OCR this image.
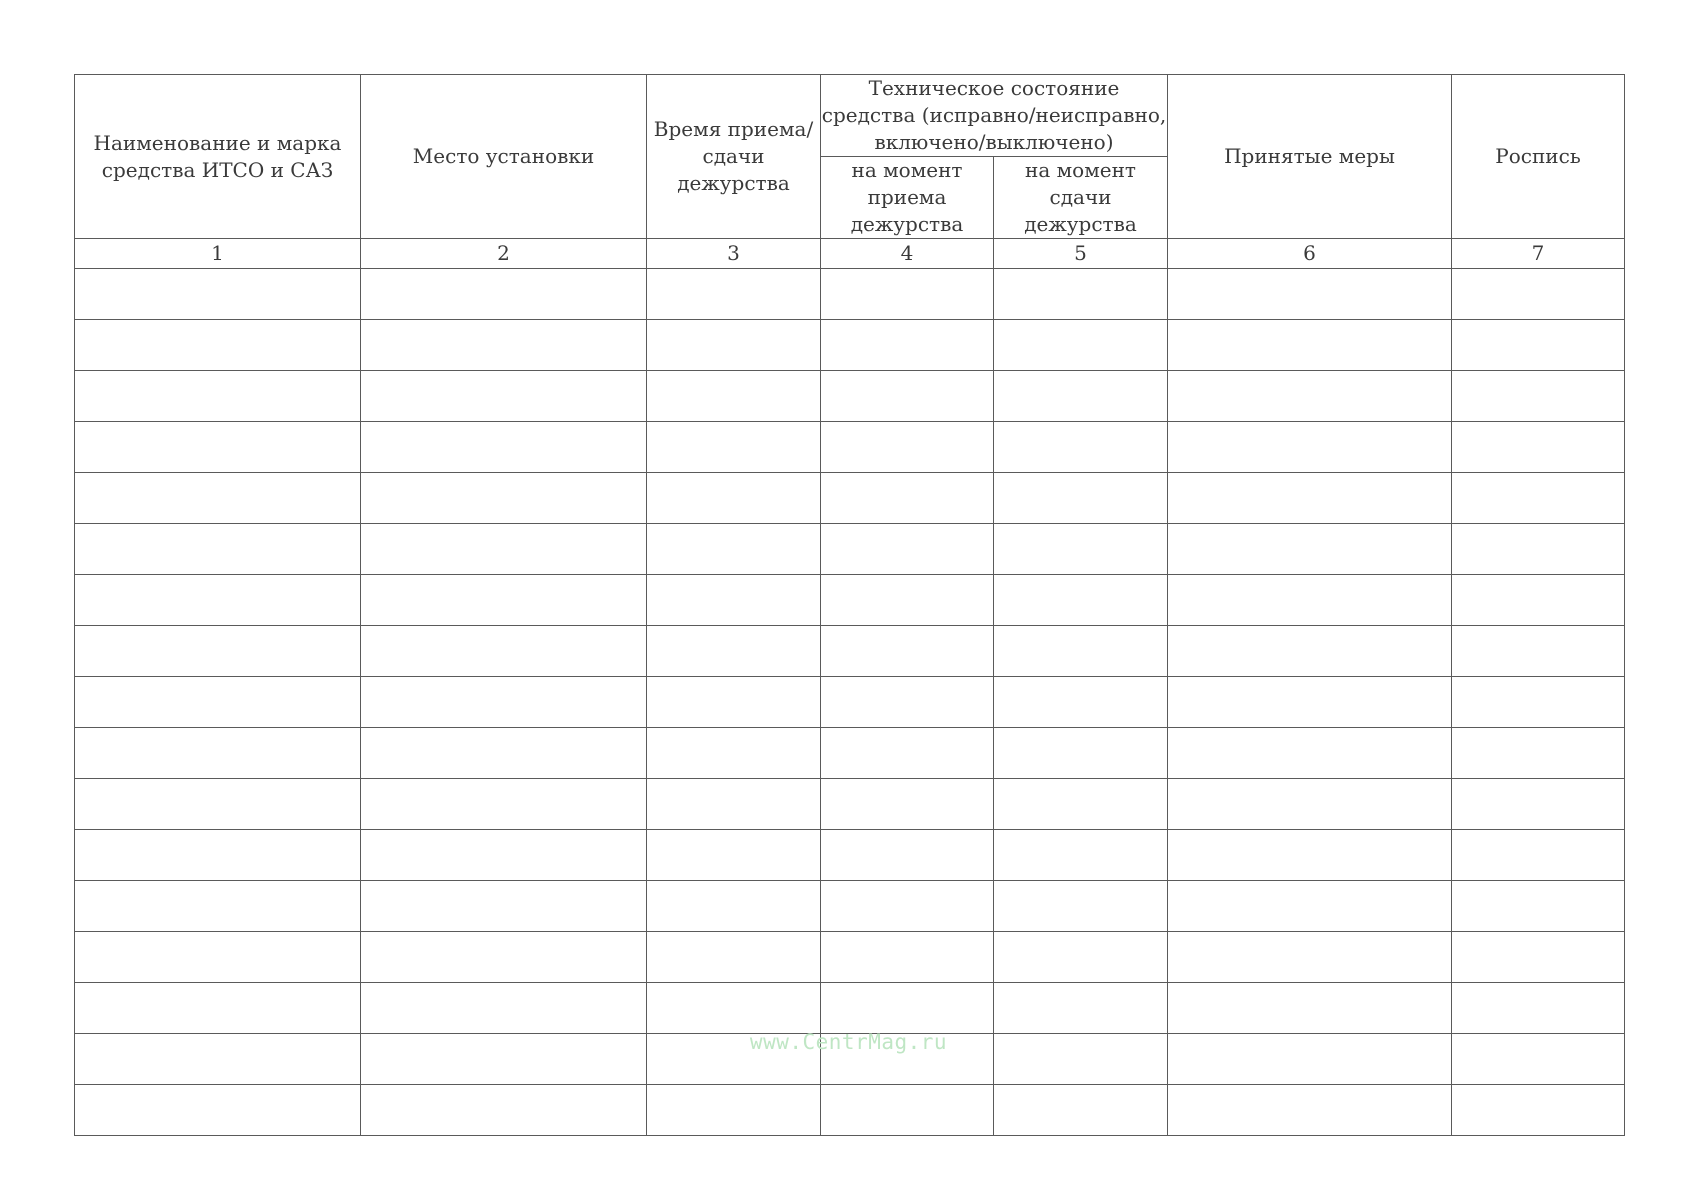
Наименование и марка средства ИТСО и САЗ	Место установки	Время приема/ сдачи дежурства	Техническое состояние средства (исправно/неисправно, включено/выключено)		Принятые меры	Роспись
			на момент приема дежурства	на момент сдачи дежурства		
1	2	3	4	5	6	7

www.CentrMag.ru
